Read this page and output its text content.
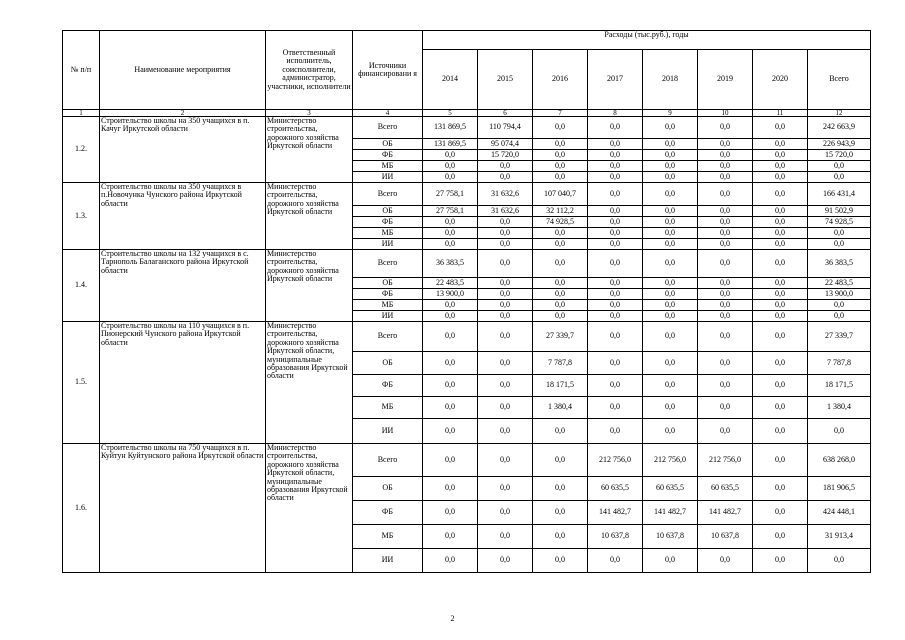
№ п/п	Наименование мероприятия	Ответственный исполнитель, соисполнители, администратор, участники, исполнители	Источники финансировани я	Расходы (тыс.руб.), годы							
				2014	2015	2016	2017	2018	2019	2020	Всего
1	2	3	4	5	6	7	8	9	10	11	12
1.2.	Строительство школы на 350 учащихся в п. Качуг Иркутской области	Министерство строительства, дорожного хозяйства Иркутской области	Всего	131 869,5	110 794,4	0,0	0,0	0,0	0,0	0,0	242 663,9
			ОБ	131 869,5	95 074,4	0,0	0,0	0,0	0,0	0,0	226 943,9
			ФБ	0,0	15 720,0	0,0	0,0	0,0	0,0	0,0	15 720,0
			МБ	0,0	0,0	0,0	0,0	0,0	0,0	0,0	0,0
			ИИ	0,0	0,0	0,0	0,0	0,0	0,0	0,0	0,0
1.3.	Строительство школы на 350 учащихся в п.Новочунка Чунского района Иркутской области	Министерство строительства, дорожного хозяйства Иркутской области	Всего	27 758,1	31 632,6	107 040,7	0,0	0,0	0,0	0,0	166 431,4
			ОБ	27 758,1	31 632,6	32 112,2	0,0	0,0	0,0	0,0	91 502,9
			ФБ	0,0	0,0	74 928,5	0,0	0,0	0,0	0,0	74 928,5
			МБ	0,0	0,0	0,0	0,0	0,0	0,0	0,0	0,0
			ИИ	0,0	0,0	0,0	0,0	0,0	0,0	0,0	0,0
1.4.	Строительство школы на 132 учащихся в с. Тарнополь Балаганского района Иркутской области	Министерство строительства, дорожного хозяйства Иркутской области	Всего	36 383,5	0,0	0,0	0,0	0,0	0,0	0,0	36 383,5
			ОБ	22 483,5	0,0	0,0	0,0	0,0	0,0	0,0	22 483,5
			ФБ	13 900,0	0,0	0,0	0,0	0,0	0,0	0,0	13 900,0
			МБ	0,0	0,0	0,0	0,0	0,0	0,0	0,0	0,0
			ИИ	0,0	0,0	0,0	0,0	0,0	0,0	0,0	0,0
1.5.	Строительство школы на 110 учащихся в п. Пионерский Чунского района Иркутской области	Министерство строительства, дорожного хозяйства Иркутской области, муниципальные образования Иркутской области	Всего	0,0	0,0	27 339,7	0,0	0,0	0,0	0,0	27 339,7
			ОБ	0,0	0,0	7 787,8	0,0	0,0	0,0	0,0	7 787,8
			ФБ	0,0	0,0	18 171,5	0,0	0,0	0,0	0,0	18 171,5
			МБ	0,0	0,0	1 380,4	0,0	0,0	0,0	0,0	1 380,4
			ИИ	0,0	0,0	0,0	0,0	0,0	0,0	0,0	0,0
1.6.	Строительство школы на 750 учащихся в п. Куйтун Куйтунского района Иркутской области	Министерство строительства, дорожного хозяйства Иркутской области, муниципальные образования Иркутской области	Всего	0,0	0,0	0,0	212 756,0	212 756,0	212 756,0	0,0	638 268,0
			ОБ	0,0	0,0	0,0	60 635,5	60 635,5	60 635,5	0,0	181 906,5
			ФБ	0,0	0,0	0,0	141 482,7	141 482,7	141 482,7	0,0	424 448,1
			МБ	0,0	0,0	0,0	10 637,8	10 637,8	10 637,8	0,0	31 913,4
			ИИ	0,0	0,0	0,0	0,0	0,0	0,0	0,0	0,0
2
